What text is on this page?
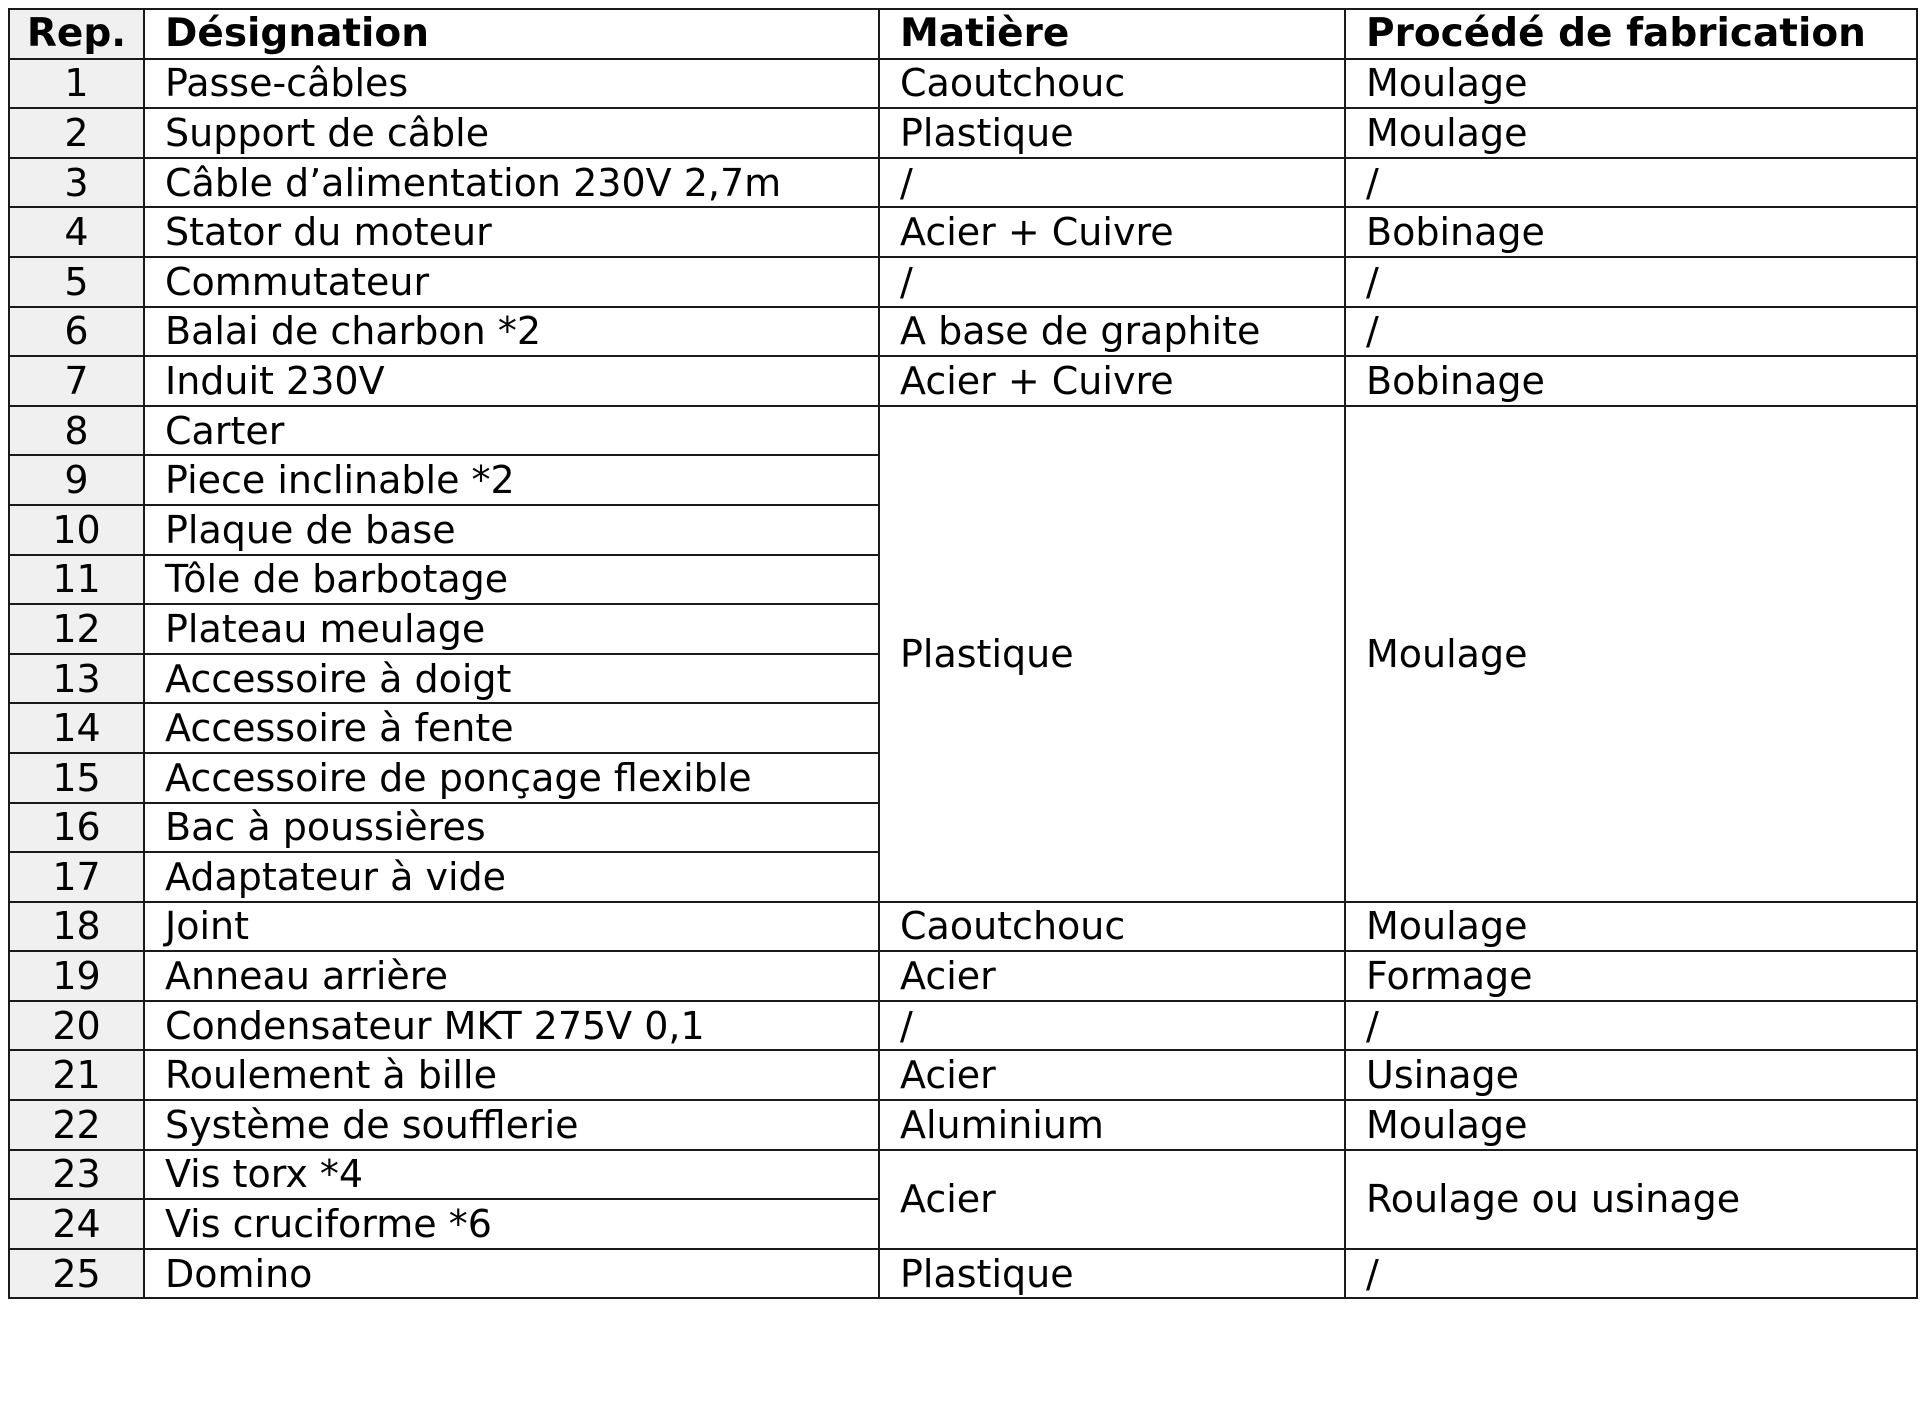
Rep.	Désignation	Matière	Procédé de fabrication
1	Passe-câbles	Caoutchouc	Moulage
2	Support de câble	Plastique	Moulage
3	Câble d’alimentation 230V 2,7m	/	/
4	Stator du moteur	Acier + Cuivre	Bobinage
5	Commutateur	/	/
6	Balai de charbon *2	A base de graphite	/
7	Induit 230V	Acier + Cuivre	Bobinage
8	Carter	Plastique	Moulage
9	Piece inclinable *2		
10	Plaque de base		
11	Tôle de barbotage		
12	Plateau meulage		
13	Accessoire à doigt		
14	Accessoire à fente		
15	Accessoire de ponçage flexible		
16	Bac à poussières		
17	Adaptateur à vide		
18	Joint	Caoutchouc	Moulage
19	Anneau arrière	Acier	Formage
20	Condensateur MKT 275V 0,1	/	/
21	Roulement à bille	Acier	Usinage
22	Système de soufflerie	Aluminium	Moulage
23	Vis torx *4	Acier	Roulage ou usinage
24	Vis cruciforme *6		
25	Domino	Plastique	/
